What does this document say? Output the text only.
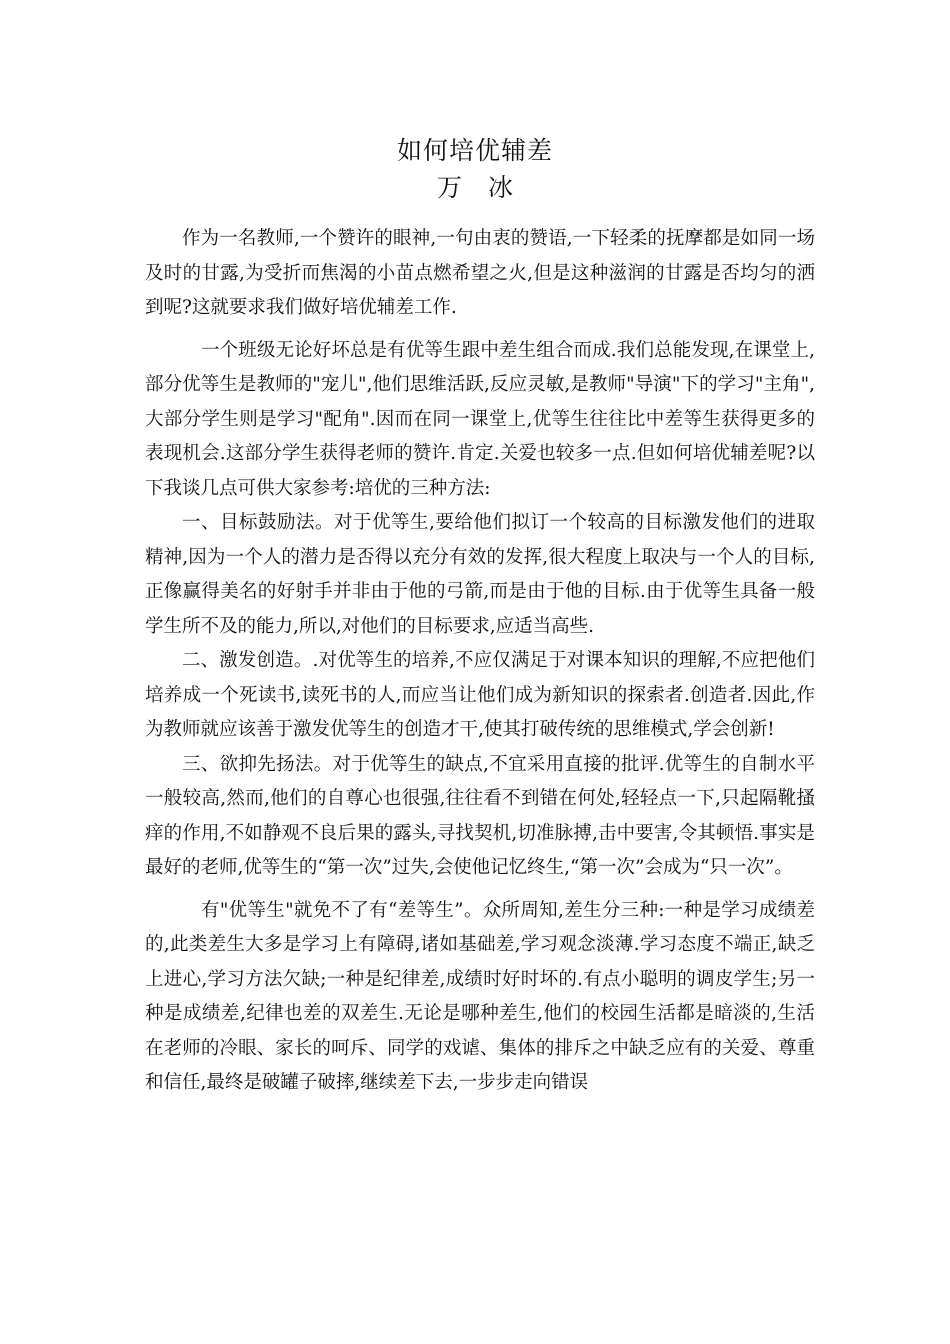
如何培优辅差
万 冰

作为一名教师,一个赞许的眼神,一句由衷的赞语,一下轻柔的抚摩都是如同一场及时的甘露,为受折而焦渴的小苗点燃希望之火,但是这种滋润的甘露是否均匀的洒到呢?这就要求我们做好培优辅差工作.

一个班级无论好坏总是有优等生跟中差生组合而成.我们总能发现,在课堂上,部分优等生是教师的"宠儿",他们思维活跃,反应灵敏,是教师"导演"下的学习"主角",大部分学生则是学习"配角".因而在同一课堂上,优等生往往比中差等生获得更多的表现机会.这部分学生获得老师的赞许.肯定.关爱也较多一点.但如何培优辅差呢?以下我谈几点可供大家参考:培优的三种方法:

一、目标鼓励法。对于优等生,要给他们拟订一个较高的目标激发他们的进取精神,因为一个人的潜力是否得以充分有效的发挥,很大程度上取决与一个人的目标,正像赢得美名的好射手并非由于他的弓箭,而是由于他的目标.由于优等生具备一般学生所不及的能力,所以,对他们的目标要求,应适当高些.

二、激发创造。.对优等生的培养,不应仅满足于对课本知识的理解,不应把他们培养成一个死读书,读死书的人,而应当让他们成为新知识的探索者.创造者.因此,作为教师就应该善于激发优等生的创造才干,使其打破传统的思维模式,学会创新!

三、欲抑先扬法。对于优等生的缺点,不宜采用直接的批评.优等生的自制水平一般较高,然而,他们的自尊心也很强,往往看不到错在何处,轻轻点一下,只起隔靴搔痒的作用,不如静观不良后果的露头,寻找契机,切准脉搏,击中要害,令其顿悟.事实是最好的老师,优等生的“第一次”过失,会使他记忆终生,“第一次”会成为“只一次”。

有"优等生"就免不了有“差等生”。众所周知,差生分三种:一种是学习成绩差的,此类差生大多是学习上有障碍,诸如基础差,学习观念淡薄.学习态度不端正,缺乏上进心,学习方法欠缺;一种是纪律差,成绩时好时坏的.有点小聪明的调皮学生;另一种是成绩差,纪律也差的双差生.无论是哪种差生,他们的校园生活都是暗淡的,生活在老师的冷眼、家长的呵斥、同学的戏谑、集体的排斥之中缺乏应有的关爱、尊重和信任,最终是破罐子破摔,继续差下去,一步步走向错误
